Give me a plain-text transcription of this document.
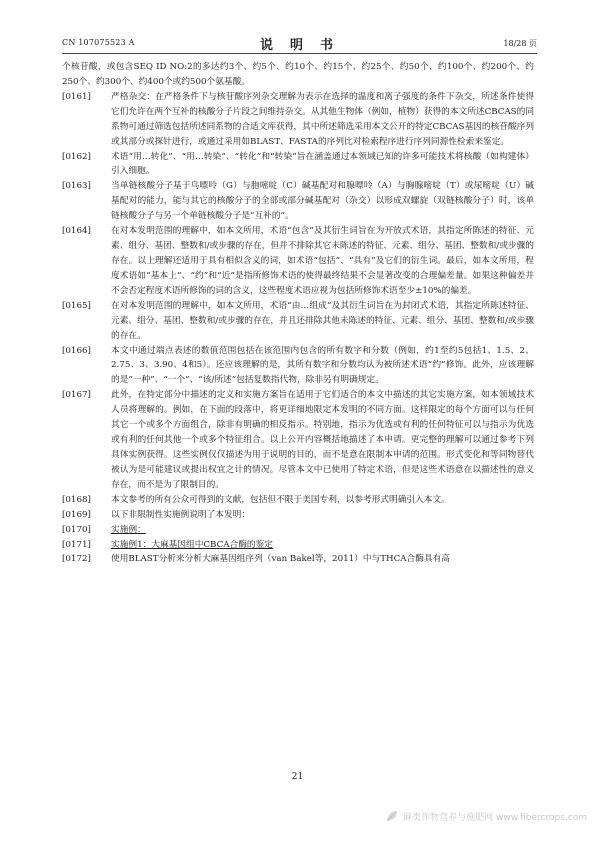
CN 107075523 A	说　明　书	18/28 页
个核苷酸，或包含SEQ ID NO:2的多达约3个、约5个、约10个、约15个、约25个、约50个、约100个、约200个、约250个、约300个、约400个或约500个氨基酸。
[0161]	严格杂交：在严格条件下与核苷酸序列杂交理解为表示在选择的温度和离子强度的条件下杂交，所述条件使得它们允许在两个互补的核酸分子片段之间维持杂交。从其他生物体（例如，植物）获得的本文所述CBCAS的同系物可通过筛选包括所述同系物的合适文库获得，其中所述筛选采用本文公开的特定CBCAS基因的核苷酸序列或其部分或探针进行，或通过采用如BLAST、FASTA的序列比对检索程序进行序列同源性检索来鉴定。
[0162]	术语“用…转化”、“用…转染”、“转化”和“转染”旨在涵盖通过本领域已知的许多可能技术将核酸（如构建体）引入细胞。
[0163]	当单链核酸分子基于鸟嘌呤（G）与胞嘧啶（C）碱基配对和腺嘌呤（A）与胸腺嘧啶（T）或尿嘧啶（U）碱基配对的能力，能与其它的核酸分子的全部或部分碱基配对（杂交）以形成双螺旋（双链核酸分子）时，该单链核酸分子与另一个单链核酸分子是“互补的”。
[0164]	在对本发明范围的理解中，如本文所用，术语“包含”及其衍生词旨在为开放式术语，其指定所陈述的特征、元素、组分、基团、整数和/或步骤的存在，但并不排除其它未陈述的特征、元素、组分、基团、整数和/或步骤的存在。以上理解还适用于具有相似含义的词，如术语“包括”、“具有”及它们的衍生词。最后，如本文所用，程度术语如“基本上”、“约”和“近”是指所修饰术语的使得最终结果不会显著改变的合理偏差量。如果这种偏差并不会否定程度术语所修饰的词的含义，这些程度术语应视为包括所修饰术语至少±10%的偏差。
[0165]	在对本发明范围的理解中，如本文所用，术语“由…组成”及其衍生词旨在为封闭式术语，其指定所陈述特征、元素、组分、基团、整数和/或步骤的存在，并且还排除其他未陈述的特征、元素、组分、基团、整数和/或步骤的存在。
[0166]	本文中通过端点表述的数值范围包括在该范围内包含的所有数字和分数（例如，约1至约5包括1、1.5、2、2.75、3、3.90、4和5）。还应该理解的是，其所有数字和分数均认为被所述术语“约”修饰。此外，应该理解的是“一种”、“一个”、“该/所述”包括复数指代物，除非另有明确规定。
[0167]	此外，在特定部分中描述的定义和实施方案旨在适用于它们适合的本文中描述的其它实施方案，如本领域技术人员将理解的。例如，在下面的段落中，将更详细地限定本发明的不同方面。这样限定的每个方面可以与任何其它一个或多个方面组合，除非有明确的相反指示。特别地，指示为优选或有利的任何特征可以与指示为优选或有利的任何其他一个或多个特征组合。以上公开内容概括地描述了本申请。更完整的理解可以通过参考下列具体实例获得。这些实例仅仅描述为用于说明的目的，而不是意在限制本申请的范围。形式变化和等同物替代被认为是可能建议或提出权宜之计的情况。尽管本文中已使用了特定术语，但是这些术语意在以描述性的意义存在，而不是为了限制目的。
[0168]	本文参考的所有公众可得到的文献，包括但不限于美国专利，以参考形式明确引入本文。
[0169]	以下非限制性实施例说明了本发明：
[0170]	实施例：
[0171]	实施例1：大麻基因组中CBCA合酶的鉴定
[0172]	使用BLAST分析来分析大麻基因组序列（van Bakel等，2011）中与THCA合酶具有高
21
麻类作物营养与施肥网 www.fibercrops.com
